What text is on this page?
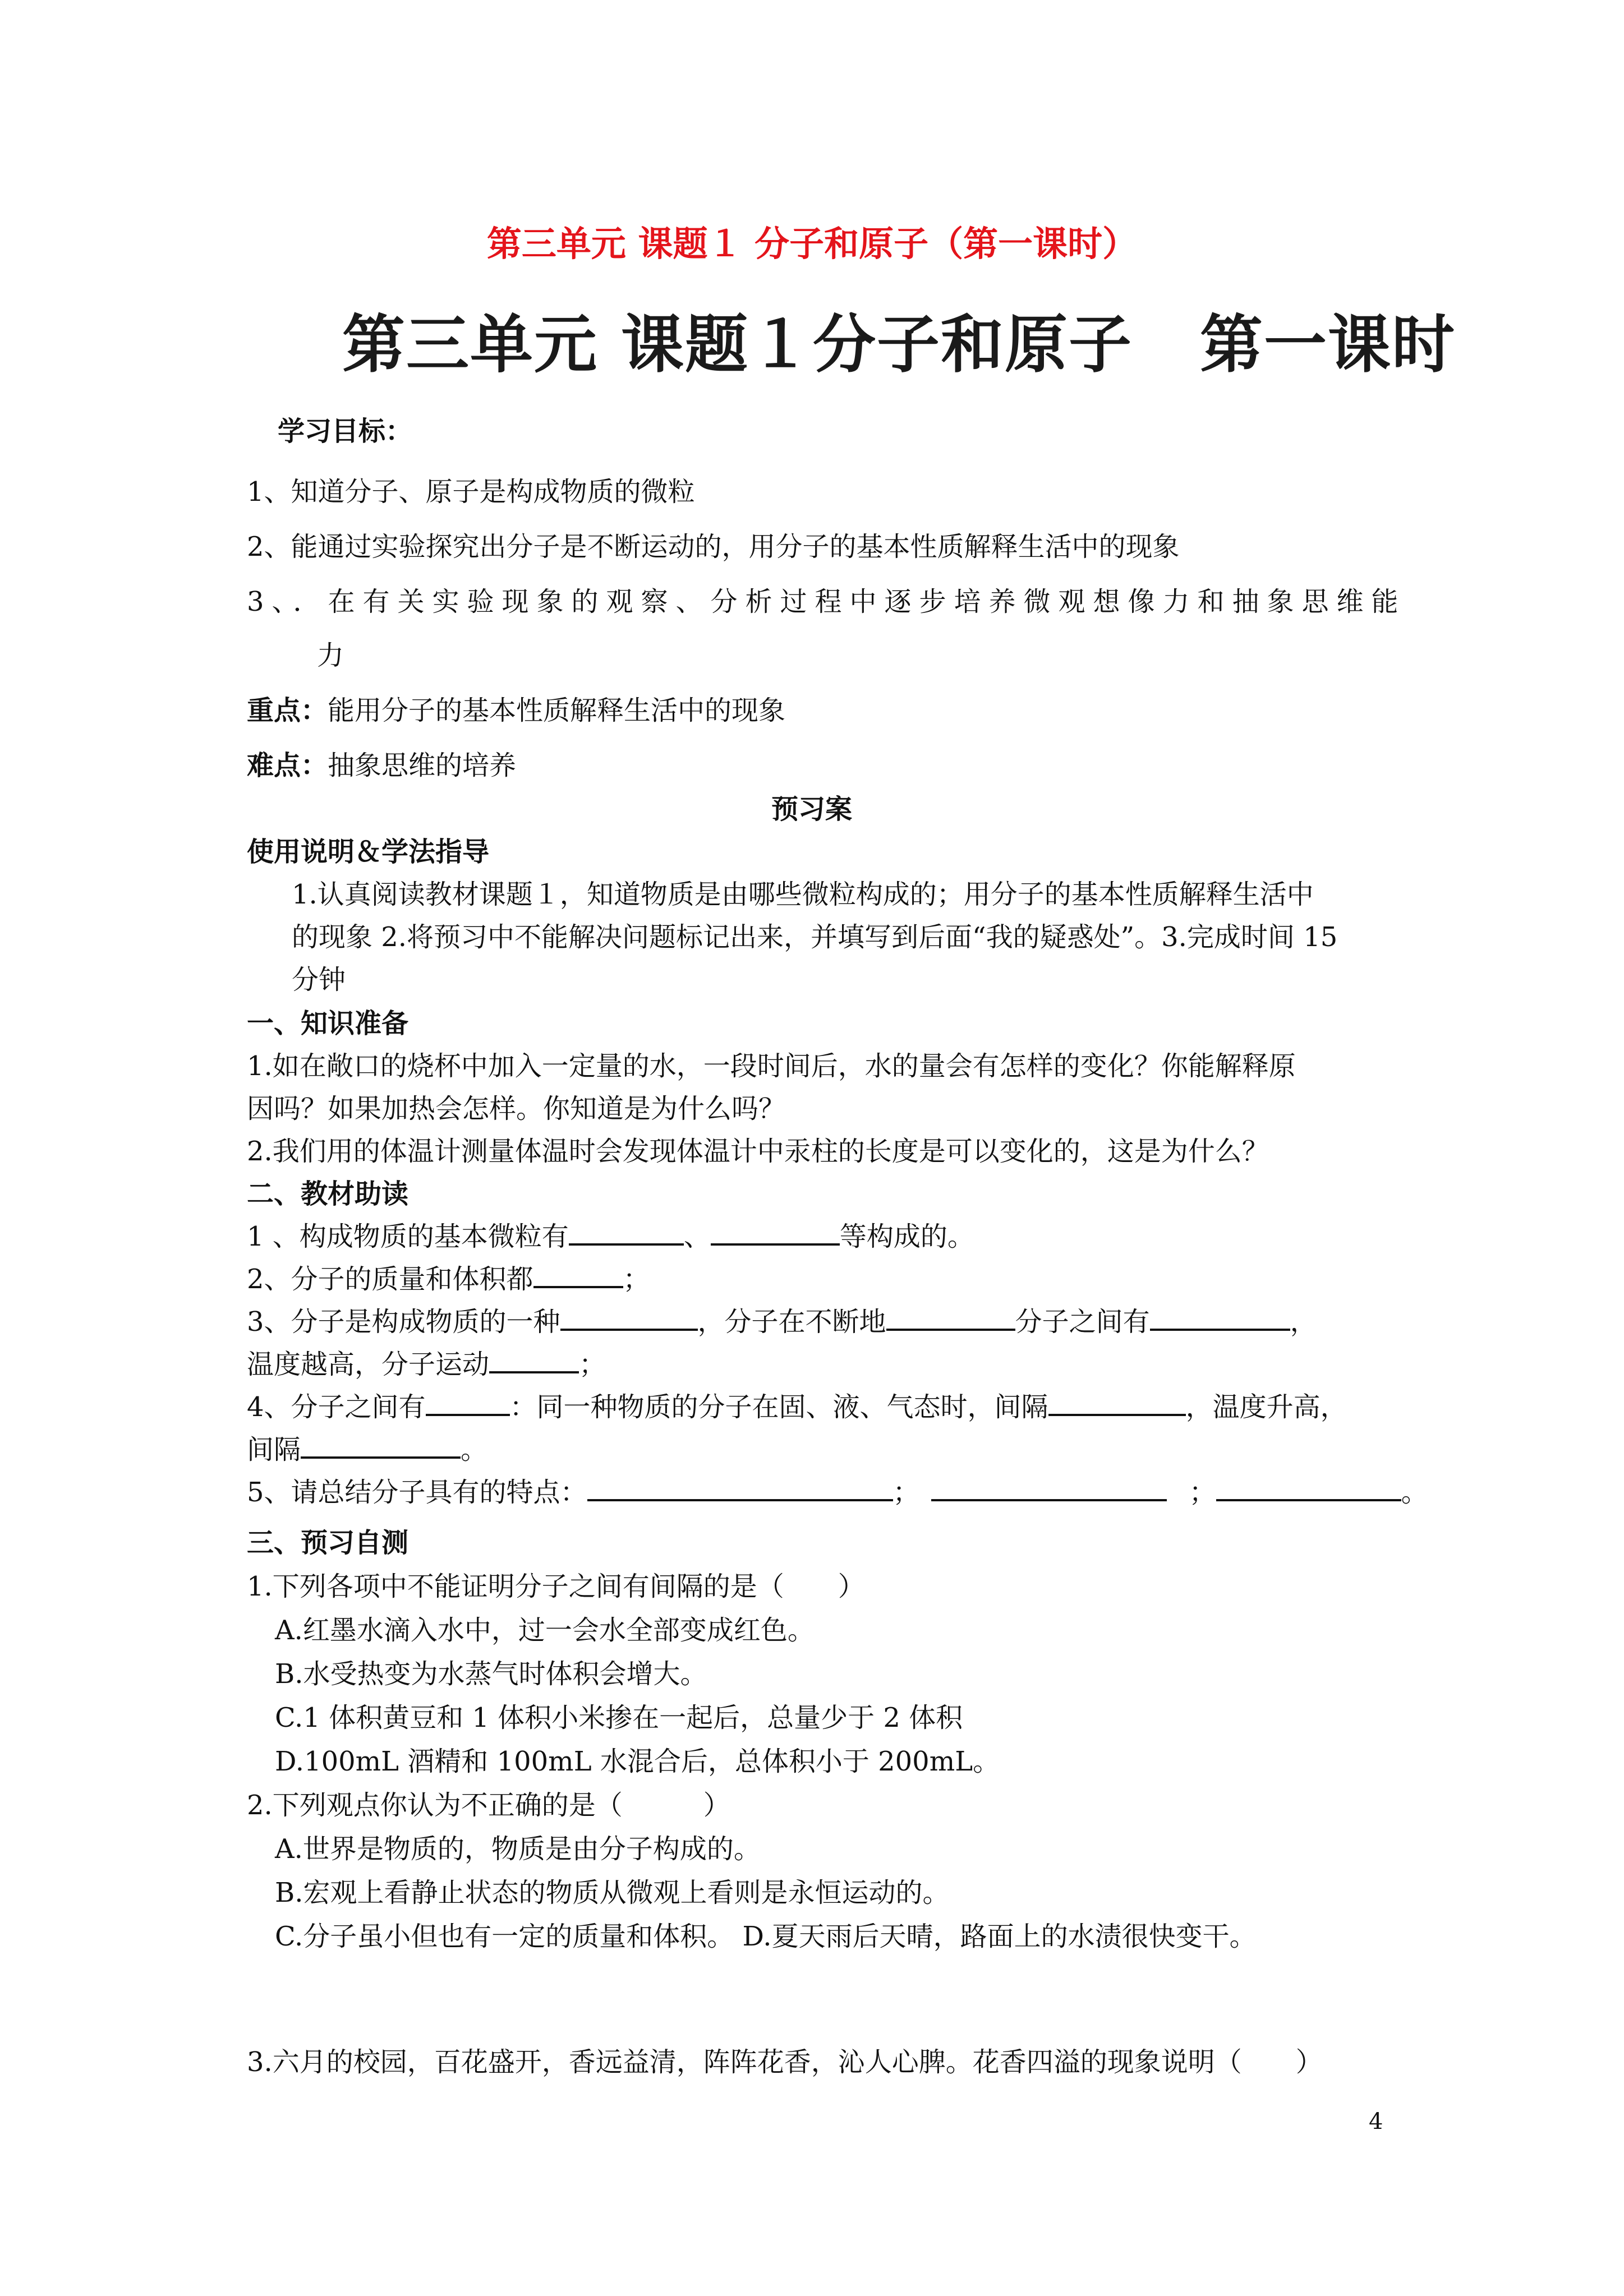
第三单元 课题１ 分子和原子（第一课时）
第三单元 课题１分子和原子 第一课时
学习目标：
1、知道分子、原子是构成物质的微粒
2、能通过实验探究出分子是不断运动的，用分子的基本性质解释生活中的现象
3、．在有关实验现象的观察、分析过程中逐步培养微观想像力和抽象思维能
力
重点：能用分子的基本性质解释生活中的现象
难点：抽象思维的培养
预习案
使用说明＆学法指导
1.认真阅读教材课题１，知道物质是由哪些微粒构成的；用分子的基本性质解释生活中
的现象 2.将预习中不能解决问题标记出来，并填写到后面“我的疑惑处”。3.完成时间 15
分钟
一、知识准备
1.如在敞口的烧杯中加入一定量的水，一段时间后，水的量会有怎样的变化？你能解释原
因吗？如果加热会怎样。你知道是为什么吗？
2.我们用的体温计测量体温时会发现体温计中汞柱的长度是可以变化的，这是为什么？
二、教材助读
1 、构成物质的基本微粒有	、	等构成的。
2、分子的质量和体积都	；
3、分子是构成物质的一种	，分子在不断地	分子之间有	，
温度越高，分子运动	；
4、分子之间有	：同一种物质的分子在固、液、气态时，间隔	，温度升高，
间隔	。
5、请总结分子具有的特点：	；	；	。
三、预习自测
1.下列各项中不能证明分子之间有间隔的是（　　）
A.红墨水滴入水中，过一会水全部变成红色。
B.水受热变为水蒸气时体积会增大。
C.1 体积黄豆和 1 体积小米掺在一起后，总量少于 2 体积
D.100mL 酒精和 100mL 水混合后，总体积小于 200mL。
2.下列观点你认为不正确的是（　　　）
A.世界是物质的，物质是由分子构成的。
B.宏观上看静止状态的物质从微观上看则是永恒运动的。
C.分子虽小但也有一定的质量和体积。 D.夏天雨后天晴，路面上的水渍很快变干。
3.六月的校园，百花盛开，香远益清，阵阵花香，沁人心脾。花香四溢的现象说明（　　）
4
